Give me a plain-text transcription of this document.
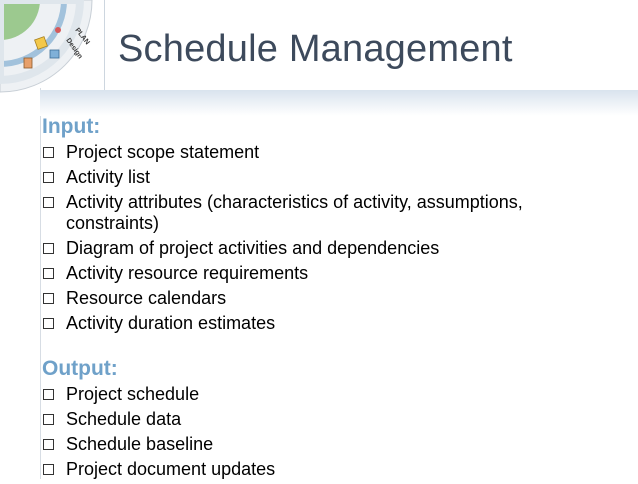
PLAN
Design Schedule Management
Input:
Project scope statement
Activity list
Activity attributes (characteristics of activity, assumptions, constraints)
Diagram of project activities and dependencies
Activity resource requirements
Resource calendars
Activity duration estimates
Output:
Project schedule
Schedule data
Schedule baseline
Project document updates
